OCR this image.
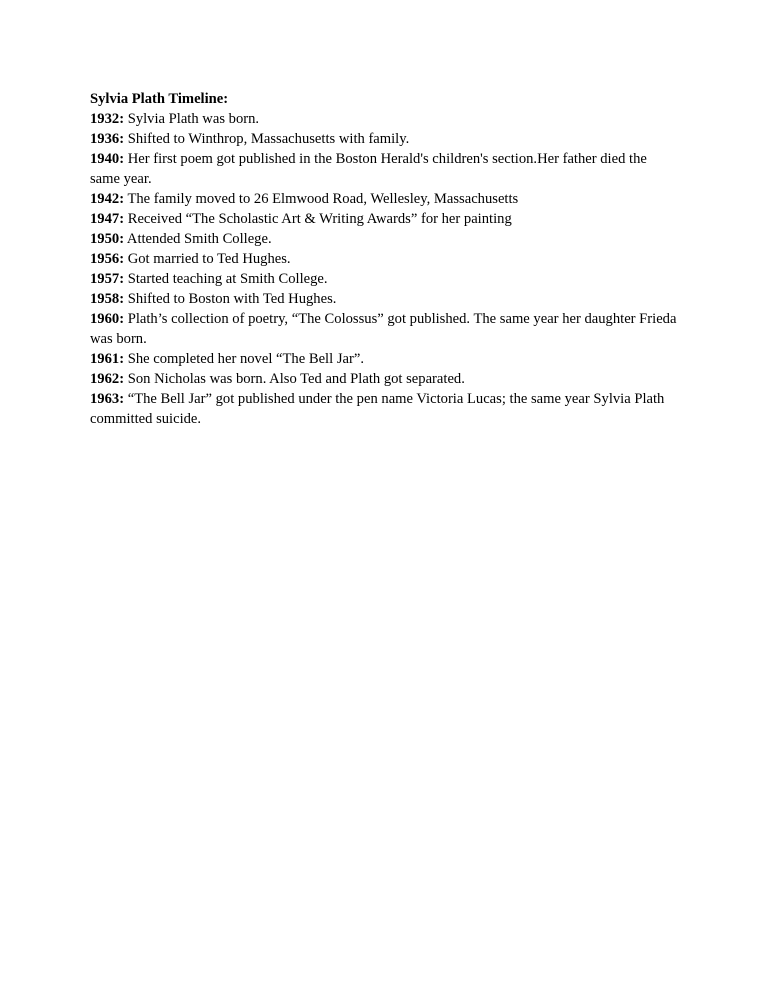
Sylvia Plath Timeline:

1932: Sylvia Plath was born.

1936: Shifted to Winthrop, Massachusetts with family.

1940: Her first poem got published in the Boston Herald's children's section.Her father died the same year.

1942: The family moved to 26 Elmwood Road, Wellesley, Massachusetts

1947: Received “The Scholastic Art & Writing Awards” for her painting

1950: Attended Smith College.

1956: Got married to Ted Hughes.

1957: Started teaching at Smith College.

1958: Shifted to Boston with Ted Hughes.

1960: Plath’s collection of poetry, “The Colossus” got published. The same year her daughter Frieda was born.

1961: She completed her novel “The Bell Jar”.

1962: Son Nicholas was born. Also Ted and Plath got separated.

1963: “The Bell Jar” got published under the pen name Victoria Lucas; the same year Sylvia Plath committed suicide.
